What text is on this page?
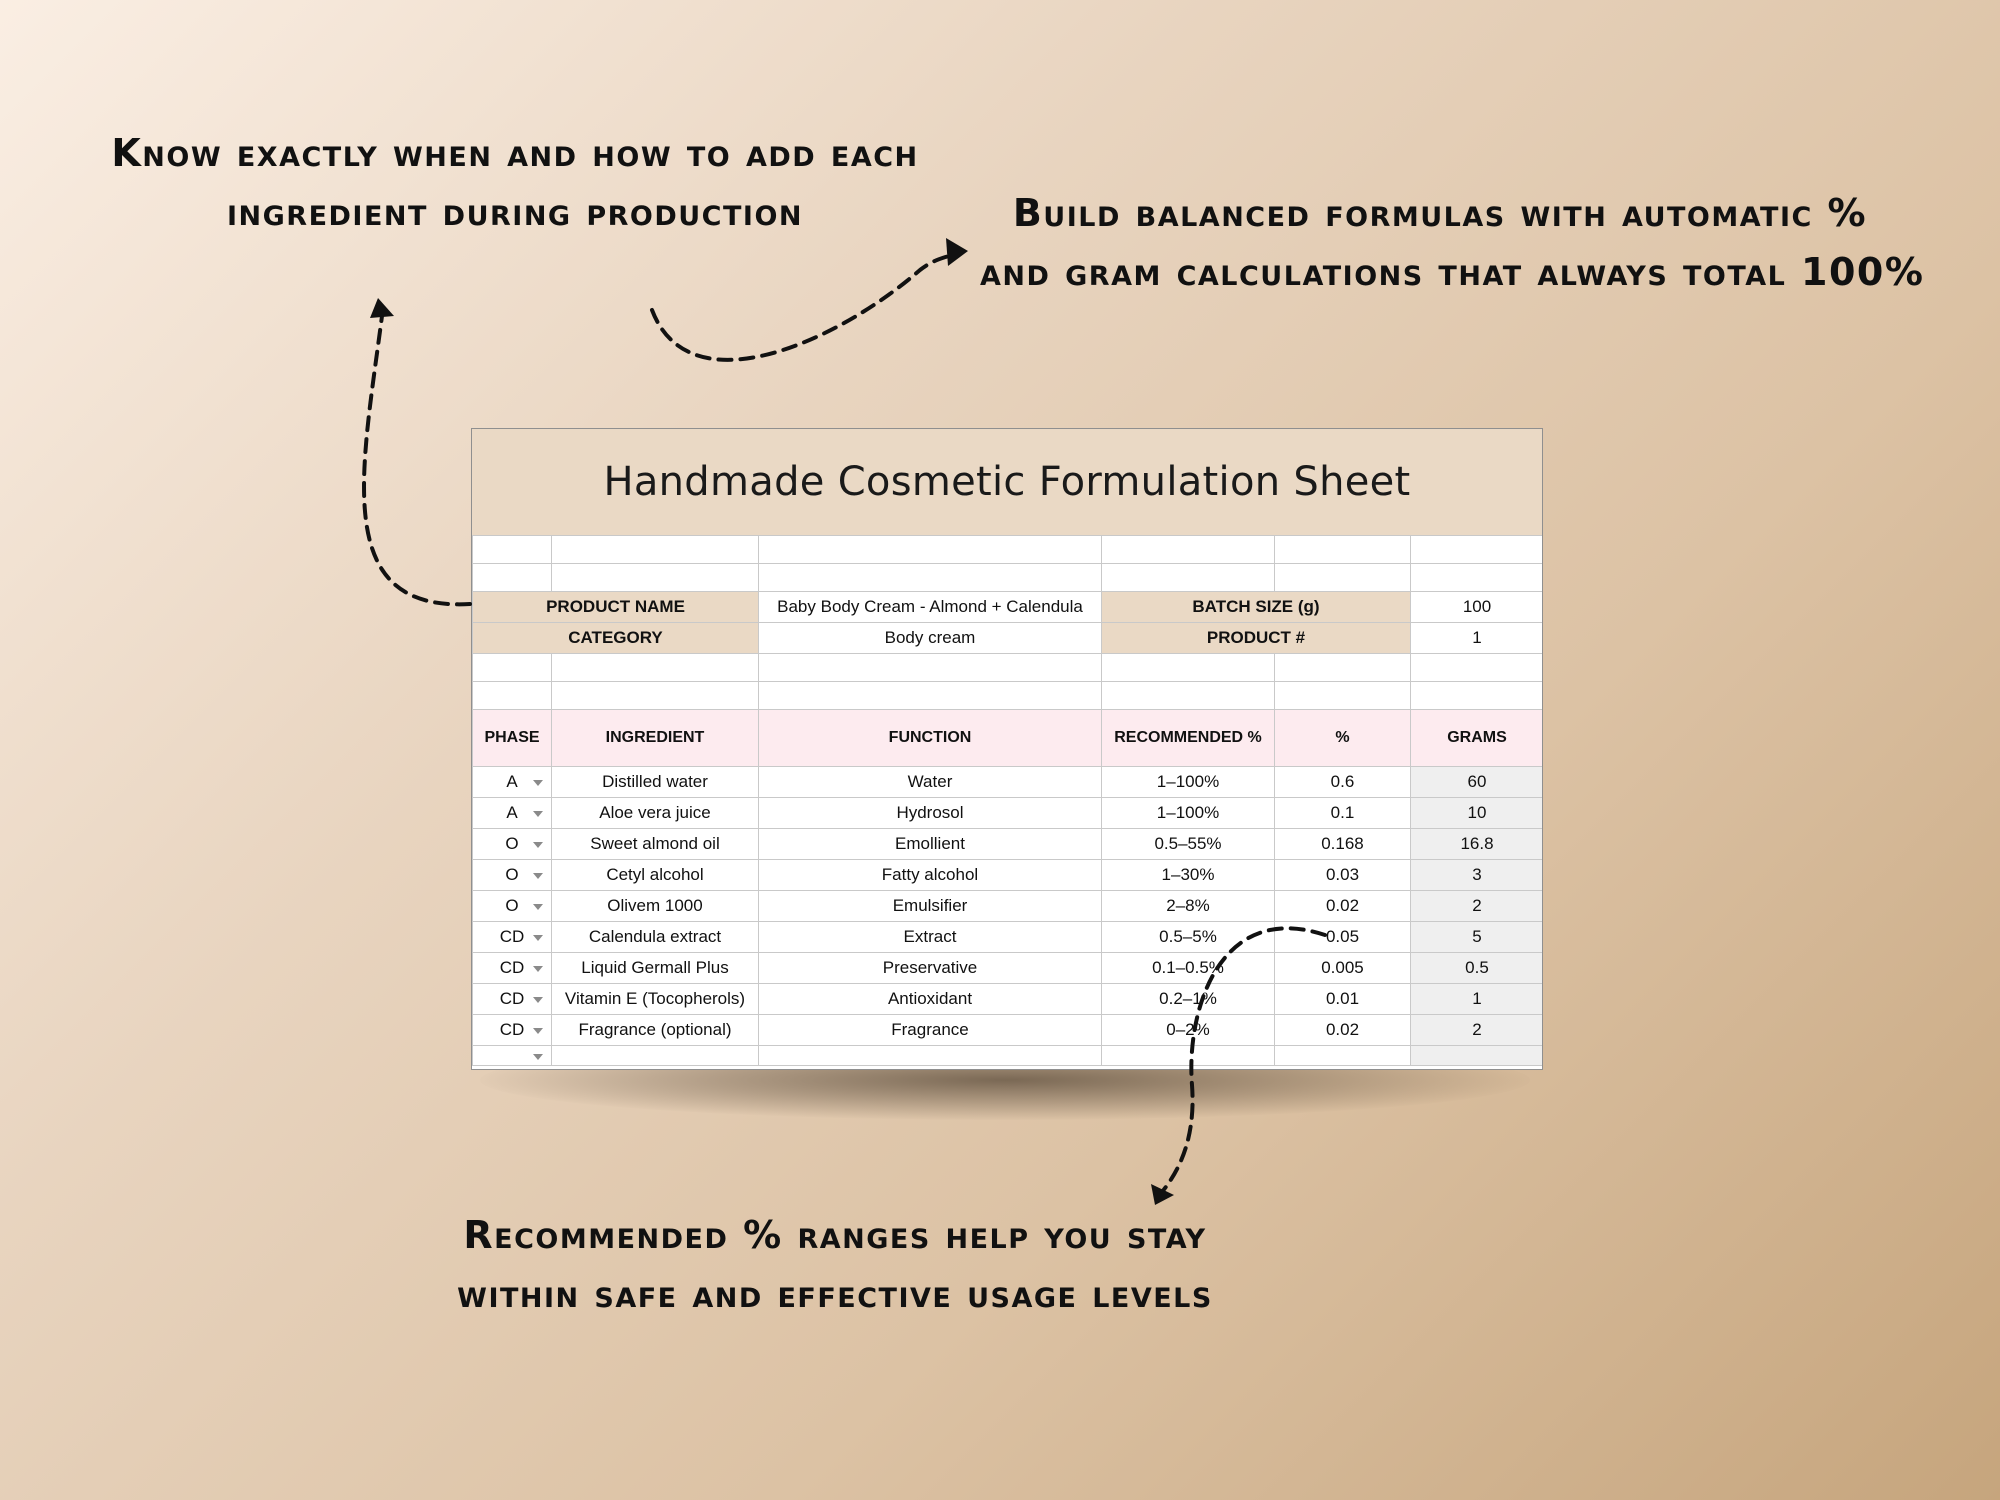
Know exactly when and how to add each
ingredient during production	Build balanced formulas with automatic %
and gram calculations that always total 100%
Recommended % ranges help you stay
within safe and effective usage levels
Handmade Cosmetic Formulation Sheet

PRODUCT NAME		Baby Body Cream - Almond + Calendula	BATCH SIZE (g)		100
CATEGORY		Body cream	PRODUCT #		1

PHASE	INGREDIENT	FUNCTION	RECOMMENDED %	%	GRAMS
A	Distilled water	Water	1–100%	0.6	60
A	Aloe vera juice	Hydrosol	1–100%	0.1	10
O	Sweet almond oil	Emollient	0.5–55%	0.168	16.8
O	Cetyl alcohol	Fatty alcohol	1–30%	0.03	3
O	Olivem 1000	Emulsifier	2–8%	0.02	2
CD	Calendula extract	Extract	0.5–5%	0.05	5
CD	Liquid Germall Plus	Preservative	0.1–0.5%	0.005	0.5
CD	Vitamin E (Tocopherols)	Antioxidant	0.2–1%	0.01	1
CD	Fragrance (optional)	Fragrance	0–2%	0.02	2
